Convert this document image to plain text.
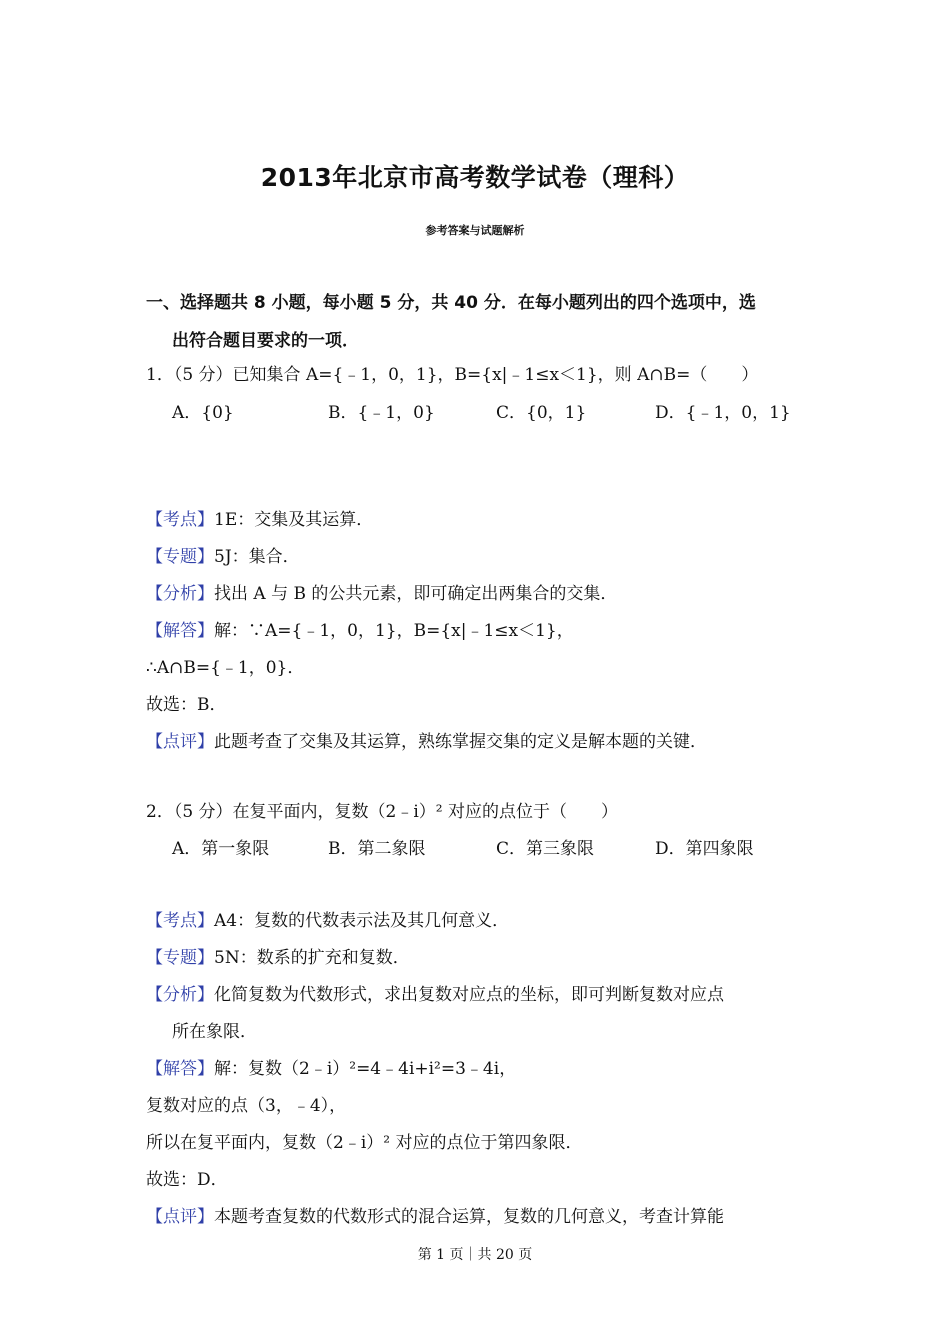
2013年北京市高考数学试卷（理科）
参考答案与试题解析
一、选择题共 8 小题，每小题 5 分，共 40 分．在每小题列出的四个选项中，选
出符合题目要求的一项．
1．（5 分）已知集合 A={﹣1，0，1}，B={x|﹣1≤x＜1}，则 A∩B=（　　）
A．{0}	B．{﹣1，0}	C．{0，1}	D．{﹣1，0，1}
【考点】1E：交集及其运算．
【专题】5J：集合．
【分析】找出 A 与 B 的公共元素，即可确定出两集合的交集．
【解答】解：∵A={﹣1，0，1}，B={x|﹣1≤x＜1}，
∴A∩B={﹣1，0}．
故选：B．
【点评】此题考查了交集及其运算，熟练掌握交集的定义是解本题的关键．
2．（5 分）在复平面内，复数（2﹣i）² 对应的点位于（　　）
A．第一象限	B．第二象限	C．第三象限	D．第四象限
【考点】A4：复数的代数表示法及其几何意义．
【专题】5N：数系的扩充和复数．
【分析】化简复数为代数形式，求出复数对应点的坐标，即可判断复数对应点
所在象限．
【解答】解：复数（2﹣i）²=4﹣4i+i²=3﹣4i，
复数对应的点（3，﹣4），
所以在复平面内，复数（2﹣i）² 对应的点位于第四象限．
故选：D．
【点评】本题考查复数的代数形式的混合运算，复数的几何意义，考查计算能
第 1 页｜共 20 页
